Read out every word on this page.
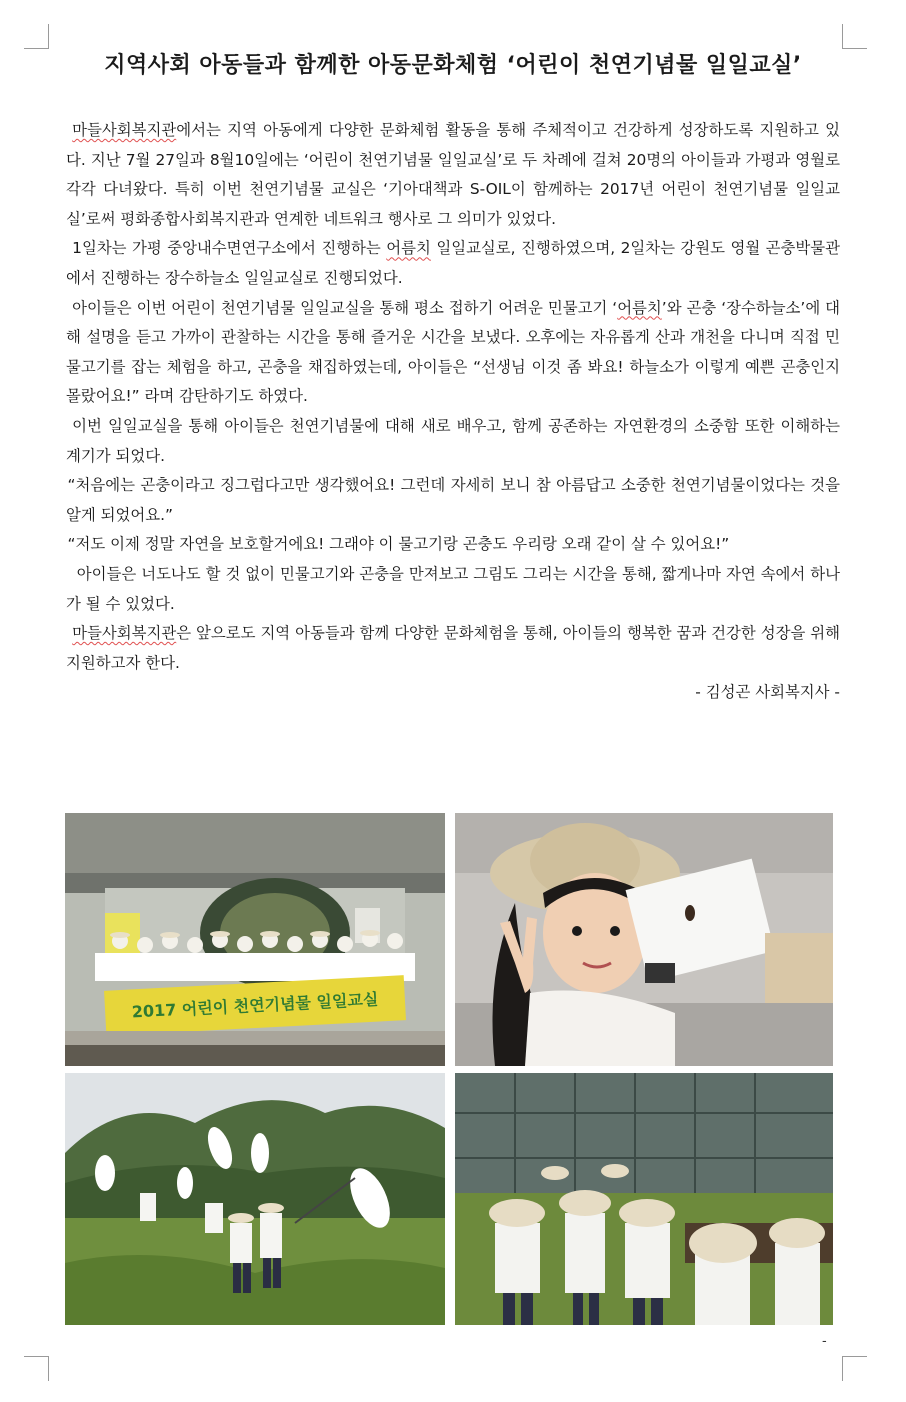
지역사회 아동들과 함께한 아동문화체험 ‘어린이 천연기념물 일일교실’

마들사회복지관에서는 지역 아동에게 다양한 문화체험 활동을 통해 주체적이고 건강하게 성장하도록 지원하고 있다. 지난 7월 27일과 8월10일에는 ‘어린이 천연기념물 일일교실’로 두 차례에 걸쳐 20명의 아이들과 가평과 영월로 각각 다녀왔다. 특히 이번 천연기념물 교실은 ‘기아대책과 S-OIL이 함께하는 2017년 어린이 천연기념물 일일교실’로써 평화종합사회복지관과 연계한 네트워크 행사로 그 의미가 있었다.

1일차는 가평 중앙내수면연구소에서 진행하는 어름치 일일교실로, 진행하였으며, 2일차는 강원도 영월 곤충박물관에서 진행하는 장수하늘소 일일교실로 진행되었다.

아이들은 이번 어린이 천연기념물 일일교실을 통해 평소 접하기 어려운 민물고기 ‘어름치’와 곤충 ‘장수하늘소’에 대해 설명을 듣고 가까이 관찰하는 시간을 통해 즐거운 시간을 보냈다. 오후에는 자유롭게 산과 개천을 다니며 직접 민물고기를 잡는 체험을 하고, 곤충을 채집하였는데, 아이들은 “선생님 이것 좀 봐요! 하늘소가 이렇게 예쁜 곤충인지 몰랐어요!” 라며 감탄하기도 하였다.

이번 일일교실을 통해 아이들은 천연기념물에 대해 새로 배우고, 함께 공존하는 자연환경의 소중함 또한 이해하는 계기가 되었다.

“처음에는 곤충이라고 징그럽다고만 생각했어요! 그런데 자세히 보니 참 아름답고 소중한 천연기념물이었다는 것을 알게 되었어요.”

“저도 이제 정말 자연을 보호할거에요! 그래야 이 물고기랑 곤충도 우리랑 오래 같이 살 수 있어요!”

아이들은 너도나도 할 것 없이 민물고기와 곤충을 만져보고 그림도 그리는 시간을 통해, 짧게나마 자연 속에서 하나가 될 수 있었다.

마들사회복지관은 앞으로도 지역 아동들과 함께 다양한 문화체험을 통해, 아이들의 행복한 꿈과 건강한 성장을 위해 지원하고자 한다.

- 김성곤 사회복지사 -

2017 어린이 천연기념물 일일교실
-
